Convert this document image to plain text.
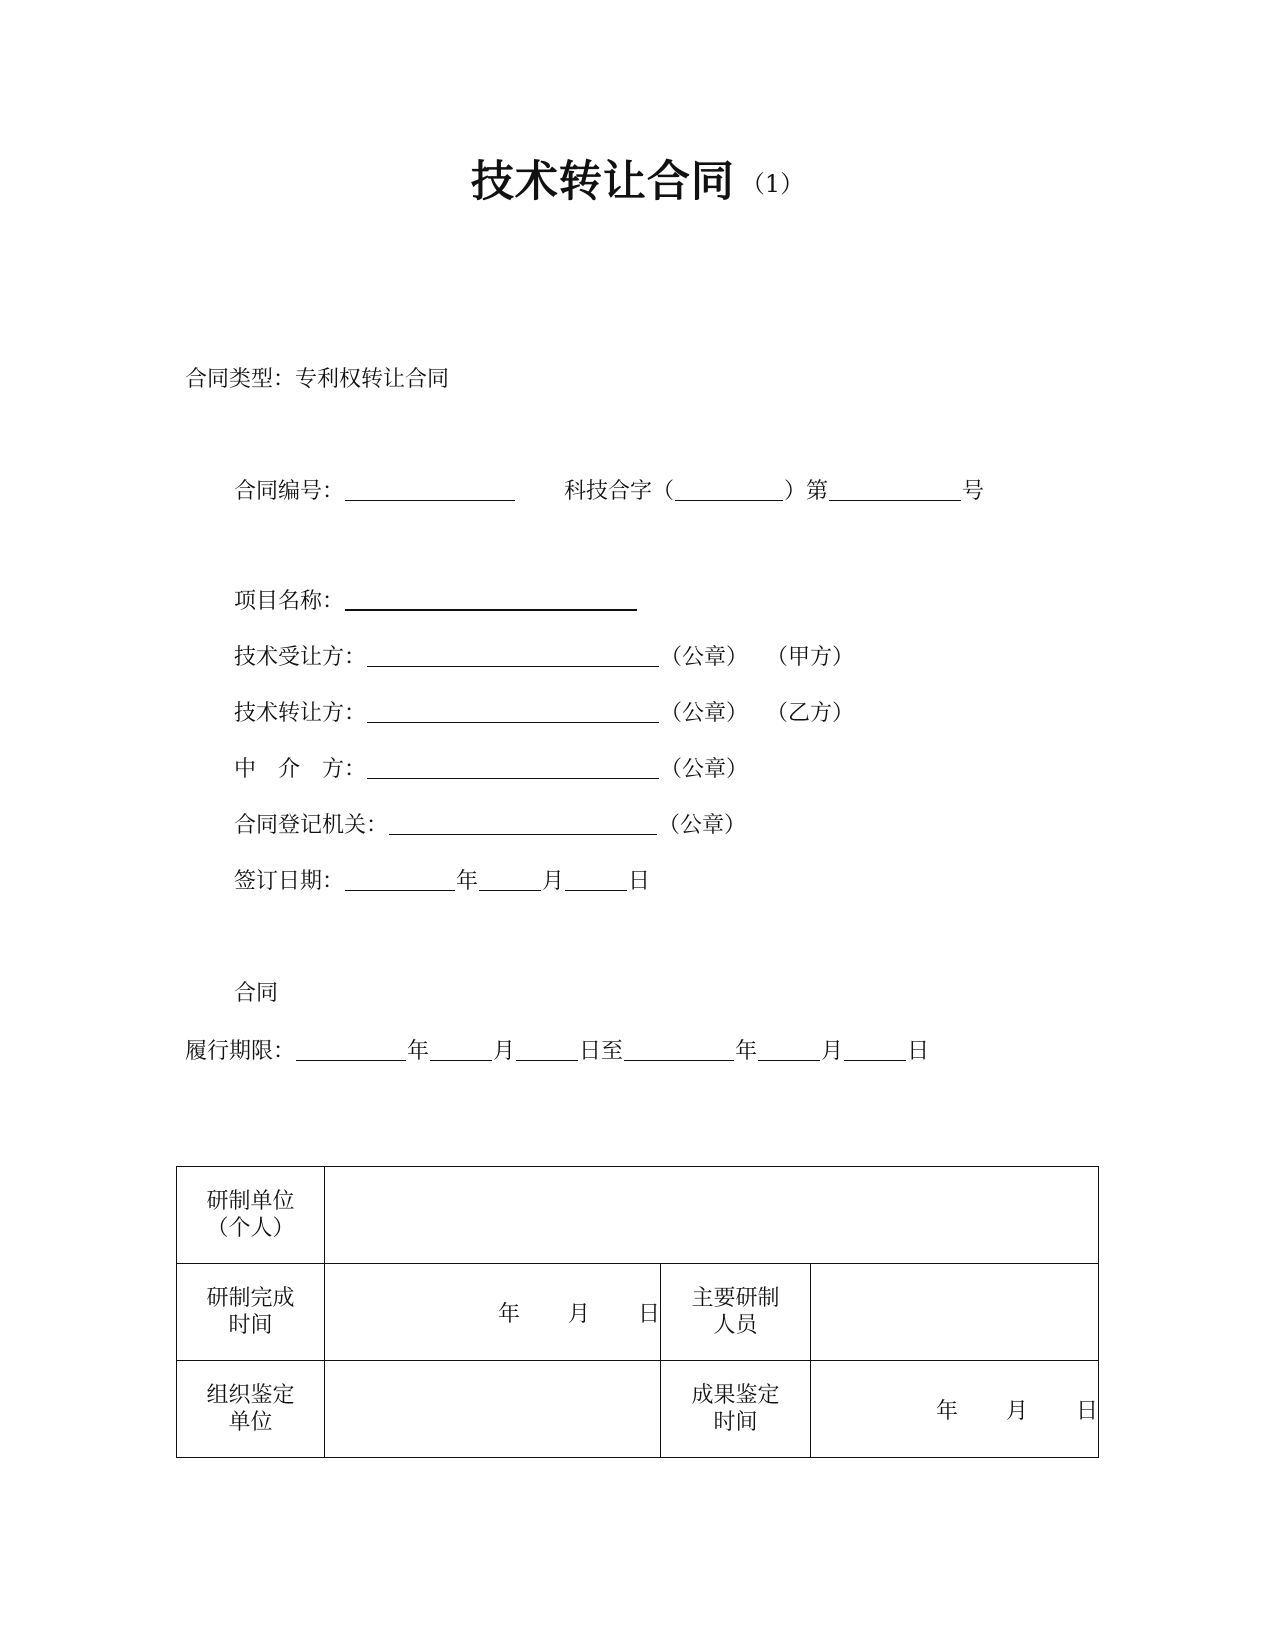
技术转让合同 （1）
合同类型：专利权转让合同
合同编号：	科技合字（	）第	号
项目名称：
技术受让方：	（公章） （甲方）
技术转让方：	（公章） （乙方）
中　介　方：	（公章）
合同登记机关：	（公章）
签订日期：	年	月	日
合同
履行期限：	年	月	日至	年	月	日
研制单位（个人）			

研制完成时间	年 月 日	主要研制人员	

组织鉴定单位		成果鉴定时间	年 月 日
